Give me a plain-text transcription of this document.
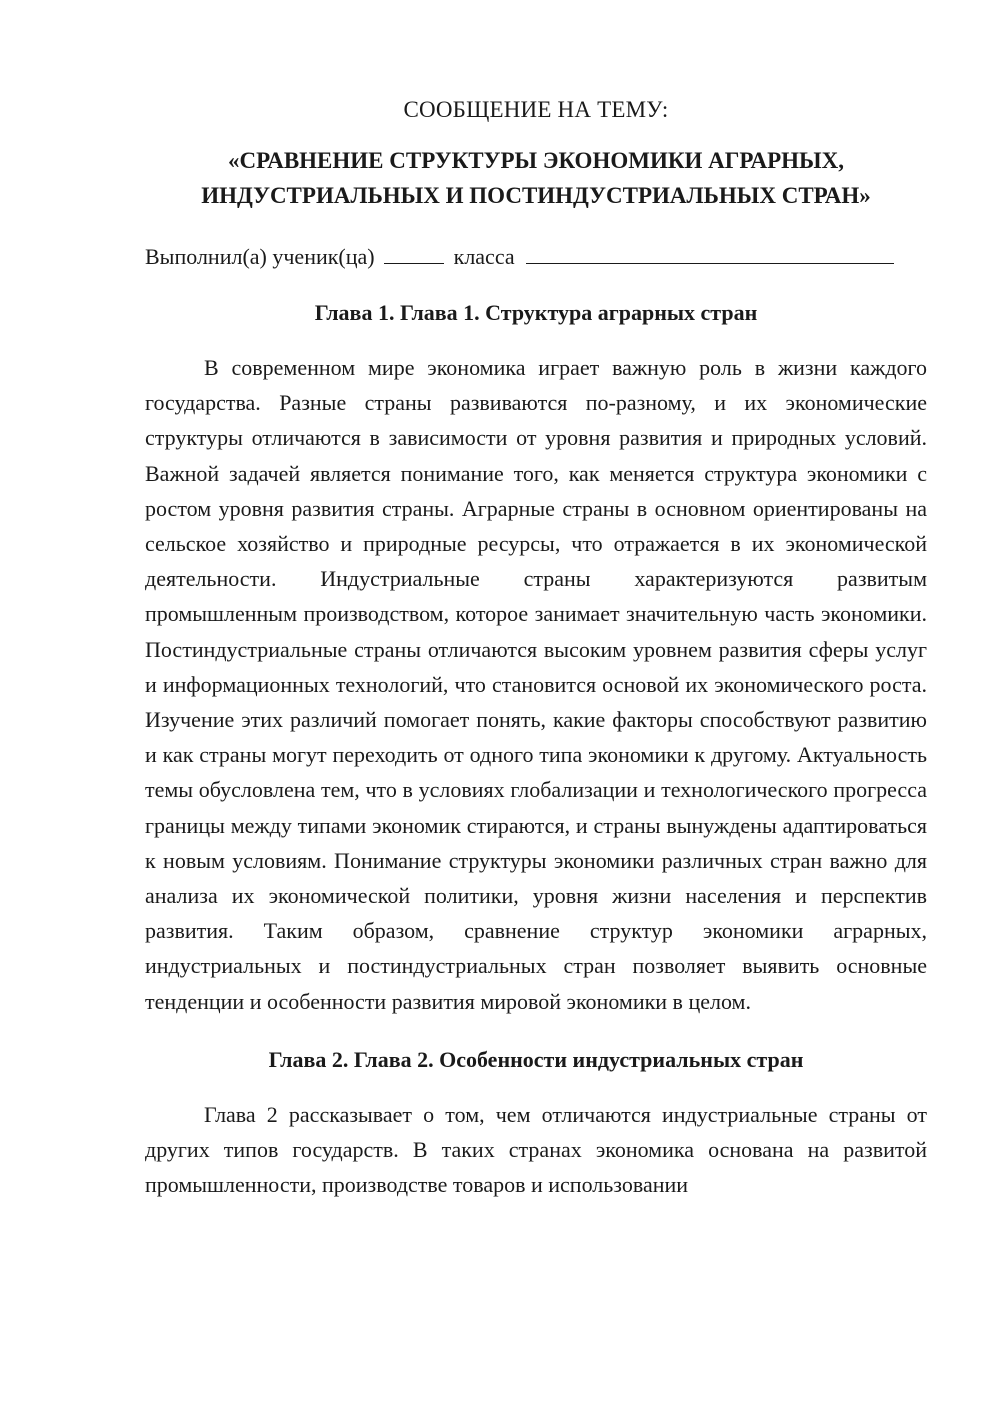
СООБЩЕНИЕ НА ТЕМУ:
«СРАВНЕНИЕ СТРУКТУРЫ ЭКОНОМИКИ АГРАРНЫХ, ИНДУСТРИАЛЬНЫХ И ПОСТИНДУСТРИАЛЬНЫХ СТРАН»
Выполнил(а) ученик(ца)	класса
Глава 1. Глава 1. Структура аграрных стран

В современном мире экономика играет важную роль в жизни каждого государства. Разные страны развиваются по-разному, и их экономические структуры отличаются в зависимости от уровня развития и природных условий. Важной задачей является понимание того, как меняется структура экономики с ростом уровня развития страны. Аграрные страны в основном ориентированы на сельское хозяйство и природные ресурсы, что отражается в их экономической деятельности. Индустриальные страны характеризуются развитым промышленным производством, которое занимает значительную часть экономики. Постиндустриальные страны отличаются высоким уровнем развития сферы услуг и информационных технологий, что становится основой их экономического роста. Изучение этих различий помогает понять, какие факторы способствуют развитию и как страны могут переходить от одного типа экономики к другому. Актуальность темы обусловлена тем, что в условиях глобализации и технологического прогресса границы между типами экономик стираются, и страны вынуждены адаптироваться к новым условиям. Понимание структуры экономики различных стран важно для анализа их экономической политики, уровня жизни населения и перспектив развития. Таким образом, сравнение структур экономики аграрных, индустриальных и постиндустриальных стран позволяет выявить основные тенденции и особенности развития мировой экономики в целом.

Глава 2. Глава 2. Особенности индустриальных стран

Глава 2 рассказывает о том, чем отличаются индустриальные страны от других типов государств. В таких странах экономика основана на развитой промышленности, производстве товаров и использовании
